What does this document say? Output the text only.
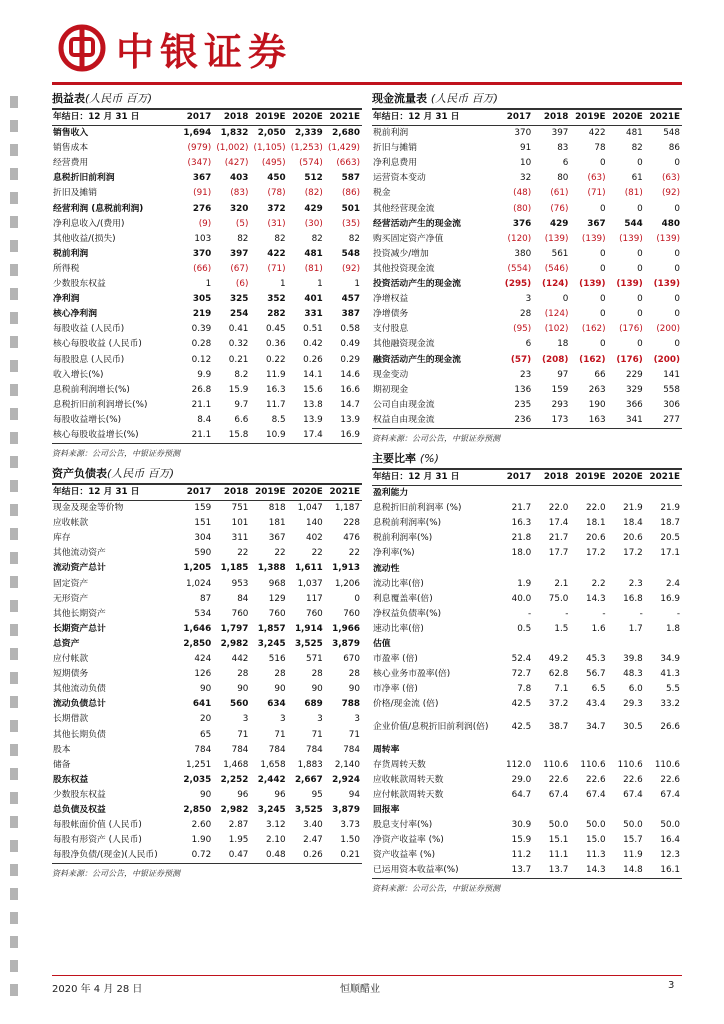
中银证券
损益表(人民币 百万)
年结日：12 月 31 日	2017	2018	2019E	2020E	2021E
销售收入	1,694	1,832	2,050	2,339	2,680
销售成本	(979)	(1,002)	(1,105)	(1,253)	(1,429)
经营费用	(347)	(427)	(495)	(574)	(663)
息税折旧前利润	367	403	450	512	587
折旧及摊销	(91)	(83)	(78)	(82)	(86)
经营利润 (息税前利润)	276	320	372	429	501
净利息收入/(费用)	(9)	(5)	(31)	(30)	(35)
其他收益/(损失)	103	82	82	82	82
税前利润	370	397	422	481	548
所得税	(66)	(67)	(71)	(81)	(92)
少数股东权益	1	(6)	1	1	1
净利润	305	325	352	401	457
核心净利润	219	254	282	331	387
每股收益 (人民币)	0.39	0.41	0.45	0.51	0.58
核心每股收益 (人民币)	0.28	0.32	0.36	0.42	0.49
每股股息 (人民币)	0.12	0.21	0.22	0.26	0.29
收入增长(%)	9.9	8.2	11.9	14.1	14.6
息税前利润增长(%)	26.8	15.9	16.3	15.6	16.6
息税折旧前利润增长(%)	21.1	9.7	11.7	13.8	14.7
每股收益增长(%)	8.4	6.6	8.5	13.9	13.9
核心每股收益增长(%)	21.1	15.8	10.9	17.4	16.9
资料来源：公司公告，中银证券预测
资产负债表(人民币 百万)
年结日：12 月 31 日	2017	2018	2019E	2020E	2021E
现金及现金等价物	159	751	818	1,047	1,187
应收帐款	151	101	181	140	228
库存	304	311	367	402	476
其他流动资产	590	22	22	22	22
流动资产总计	1,205	1,185	1,388	1,611	1,913
固定资产	1,024	953	968	1,037	1,206
无形资产	87	84	129	117	0
其他长期资产	534	760	760	760	760
长期资产总计	1,646	1,797	1,857	1,914	1,966
总资产	2,850	2,982	3,245	3,525	3,879
应付帐款	424	442	516	571	670
短期债务	126	28	28	28	28
其他流动负债	90	90	90	90	90
流动负债总计	641	560	634	689	788
长期借款	20	3	3	3	3
其他长期负债	65	71	71	71	71
股本	784	784	784	784	784
储备	1,251	1,468	1,658	1,883	2,140
股东权益	2,035	2,252	2,442	2,667	2,924
少数股东权益	90	96	96	95	94
总负债及权益	2,850	2,982	3,245	3,525	3,879
每股帐面价值 (人民币)	2.60	2.87	3.12	3.40	3.73
每股有形资产 (人民币)	1.90	1.95	2.10	2.47	1.50
每股净负债/(现金)(人民币)	0.72	0.47	0.48	0.26	0.21
资料来源：公司公告，中银证券预测
现金流量表 (人民币 百万)
年结日：12 月 31 日	2017	2018	2019E	2020E	2021E
税前利润	370	397	422	481	548
折旧与摊销	91	83	78	82	86
净利息费用	10	6	0	0	0
运营资本变动	32	80	(63)	61	(63)
税金	(48)	(61)	(71)	(81)	(92)
其他经营现金流	(80)	(76)	0	0	0
经营活动产生的现金流	376	429	367	544	480
购买固定资产净值	(120)	(139)	(139)	(139)	(139)
投资减少/增加	380	561	0	0	0
其他投资现金流	(554)	(546)	0	0	0
投资活动产生的现金流	(295)	(124)	(139)	(139)	(139)
净增权益	3	0	0	0	0
净增债务	28	(124)	0	0	0
支付股息	(95)	(102)	(162)	(176)	(200)
其他融资现金流	6	18	0	0	0
融资活动产生的现金流	(57)	(208)	(162)	(176)	(200)
现金变动	23	97	66	229	141
期初现金	136	159	263	329	558
公司自由现金流	235	293	190	366	306
权益自由现金流	236	173	163	341	277
资料来源：公司公告，中银证券预测
主要比率 (%)
年结日：12 月 31 日	2017	2018	2019E	2020E	2021E
盈利能力					
息税折旧前利润率 (%)	21.7	22.0	22.0	21.9	21.9
息税前利润率(%)	16.3	17.4	18.1	18.4	18.7
税前利润率(%)	21.8	21.7	20.6	20.6	20.5
净利率(%)	18.0	17.7	17.2	17.2	17.1
流动性					
流动比率(倍)	1.9	2.1	2.2	2.3	2.4
利息覆盖率(倍)	40.0	75.0	14.3	16.8	16.9
净权益负债率(%)	-	-	-	-	-
速动比率(倍)	0.5	1.5	1.6	1.7	1.8
估值					
市盈率 (倍)	52.4	49.2	45.3	39.8	34.9
核心业务市盈率(倍)	72.7	62.8	56.7	48.3	41.3
市净率 (倍)	7.8	7.1	6.5	6.0	5.5
价格/现金流 (倍)	42.5	37.2	43.4	29.3	33.2
企业价值/息税折旧前利润(倍)	42.5	38.7	34.7	30.5	26.6
周转率					
存货周转天数	112.0	110.6	110.6	110.6	110.6
应收帐款周转天数	29.0	22.6	22.6	22.6	22.6
应付帐款周转天数	64.7	67.4	67.4	67.4	67.4
回报率					
股息支付率(%)	30.9	50.0	50.0	50.0	50.0
净资产收益率 (%)	15.9	15.1	15.0	15.7	16.4
资产收益率 (%)	11.2	11.1	11.3	11.9	12.3
已运用资本收益率(%)	13.7	13.7	14.3	14.8	16.1
资料来源：公司公告，中银证券预测
2020 年 4 月 28 日	恒顺醋业	3
